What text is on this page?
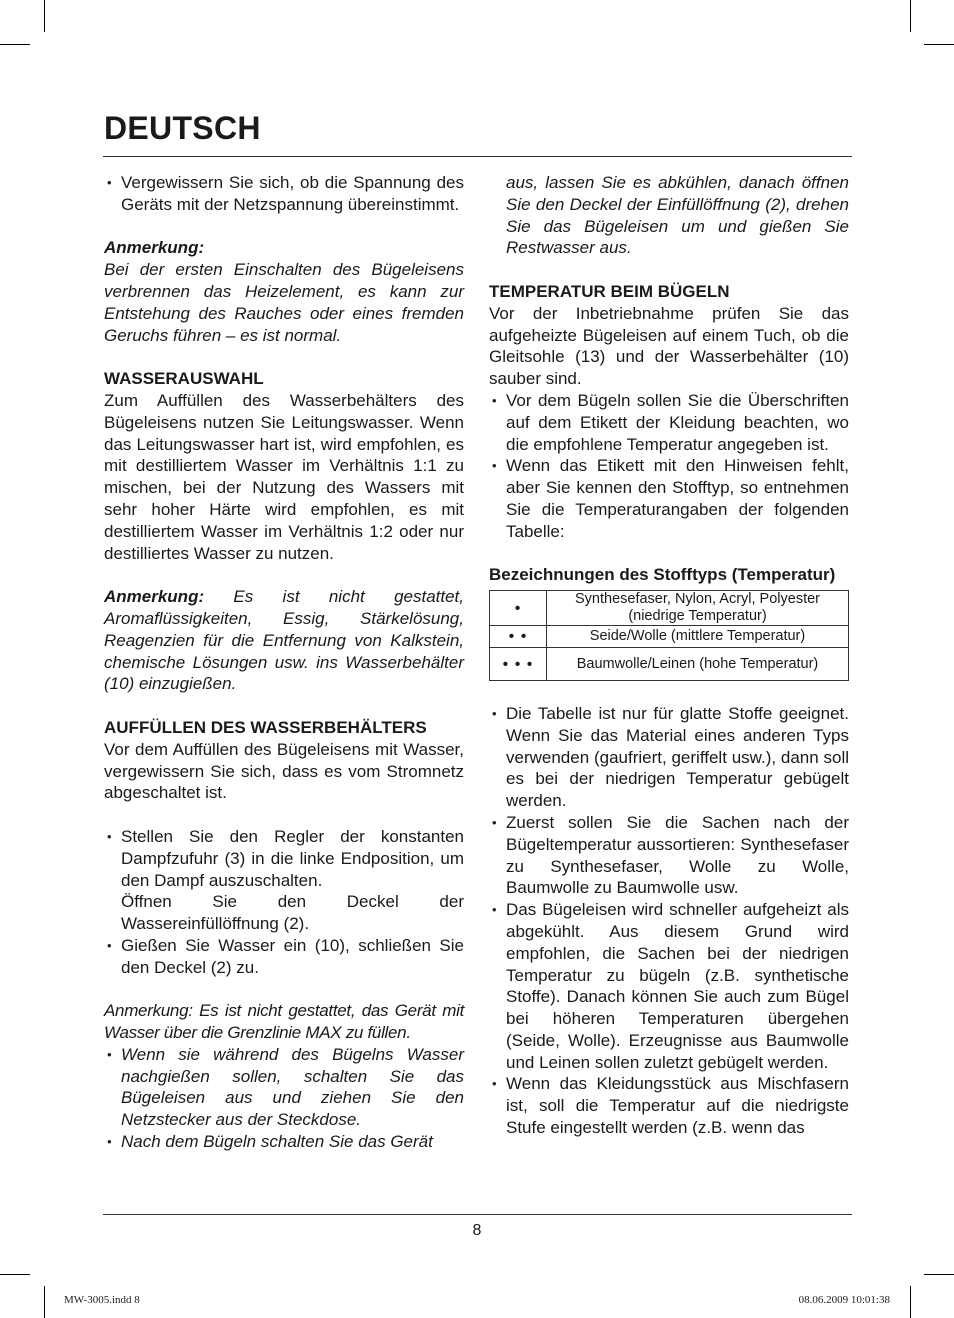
DEUTSCH
• Vergewissern Sie sich, ob die Spannung des Geräts mit der Netzspannung übereinstimmt.

Anmerkung:

Bei der ersten Einschalten des Bügeleisens verbrennen das Heizelement, es kann zur Entstehung des Rauches oder eines fremden Geruchs führen – es ist normal.

WASSERAUSWAHL

Zum Auffüllen des Wasserbehälters des Bügeleisens nutzen Sie Leitungswasser. Wenn das Leitungswasser hart ist, wird empfohlen, es mit destilliertem Wasser im Verhältnis 1:1 zu mischen, bei der Nutzung des Wassers mit sehr hoher Härte wird empfohlen, es mit destilliertem Wasser im Verhältnis 1:2 oder nur destilliertes Wasser zu nutzen.

Anmerkung: Es ist nicht gestattet, Aromaflüssigkeiten, Essig, Stärkelösung, Reagenzien für die Entfernung von Kalkstein, chemische Lösungen usw. ins Wasserbehälter (10) einzugießen.

AUFFÜLLEN DES WASSERBEHÄLTERS

Vor dem Auffüllen des Bügeleisens mit Wasser, vergewissern Sie sich, dass es vom Stromnetz abgeschaltet ist.

• Stellen Sie den Regler der konstanten Dampfzufuhr (3) in die linke Endposition, um den Dampf auszuschalten.

Öffnen Sie den Deckel der Wassereinfüllöffnung (2).

• Gießen Sie Wasser ein (10), schließen Sie den Deckel (2) zu.

Anmerkung: Es ist nicht gestattet, das Gerät mit Wasser über die Grenzlinie MAX zu füllen.

• Wenn sie während des Bügelns Wasser nachgießen sollen, schalten Sie das Bügeleisen aus und ziehen Sie den Netzstecker aus der Steckdose.
• Nach dem Bügeln schalten Sie das Gerät

aus, lassen Sie es abkühlen, danach öffnen Sie den Deckel der Einfüllöffnung (2), drehen Sie das Bügeleisen um und gießen Sie Restwasser aus.

TEMPERATUR BEIM BÜGELN

Vor der Inbetriebnahme prüfen Sie das aufgeheizte Bügeleisen auf einem Tuch, ob die Gleitsohle (13) und der Wasserbehälter (10) sauber sind.

• Vor dem Bügeln sollen Sie die Überschriften auf dem Etikett der Kleidung beachten, wo die empfohlene Temperatur angegeben ist.
• Wenn das Etikett mit den Hinweisen fehlt, aber Sie kennen den Stofftyp, so entnehmen Sie die Temperaturangaben der folgenden Tabelle:

Bezeichnungen des Stofftyps (Temperatur)

•	Synthesefaser, Nylon, Acryl, Polyester (niedrige Temperatur)
• •	Seide/Wolle (mittlere Temperatur)
• • •	Baumwolle/Leinen (hohe Temperatur)
• Die Tabelle ist nur für glatte Stoffe geeignet. Wenn Sie das Material eines anderen Typs verwenden (gaufriert, geriffelt usw.), dann soll es bei der niedrigen Temperatur gebügelt werden.
• Zuerst sollen Sie die Sachen nach der Bügeltemperatur aussortieren: Synthesefaser zu Synthesefaser, Wolle zu Wolle, Baumwolle zu Baumwolle usw.
• Das Bügeleisen wird schneller aufgeheizt als abgekühlt. Aus diesem Grund wird empfohlen, die Sachen bei der niedrigen Temperatur zu bügeln (z.B. synthetische Stoffe). Danach können Sie auch zum Bügel bei höheren Temperaturen übergehen (Seide, Wolle). Erzeugnisse aus Baumwolle und Leinen sollen zuletzt gebügelt werden.
• Wenn das Kleidungsstück aus Mischfasern ist, soll die Temperatur auf die niedrigste Stufe eingestellt werden (z.B. wenn das
8
MW-3005.indd 8	08.06.2009 10:01:38
